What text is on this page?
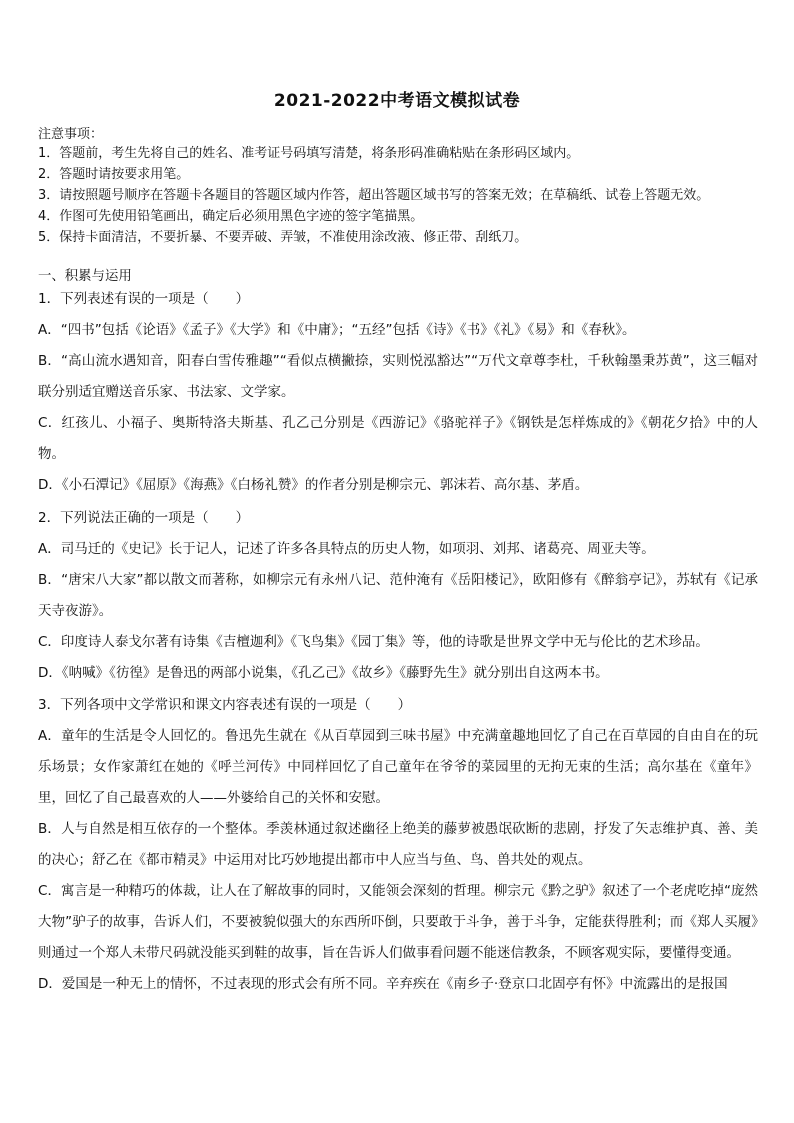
2021-2022中考语文模拟试卷
注意事项：
1．答题前，考生先将自己的姓名、准考证号码填写清楚，将条形码准确粘贴在条形码区域内。
2．答题时请按要求用笔。
3．请按照题号顺序在答题卡各题目的答题区域内作答，超出答题区域书写的答案无效；在草稿纸、试卷上答题无效。
4．作图可先使用铅笔画出，确定后必须用黑色字迹的签字笔描黑。
5．保持卡面清洁，不要折暴、不要弄破、弄皱，不准使用涂改液、修正带、刮纸刀。
一、积累与运用
1．下列表述有误的一项是（　　）
A．“四书”包括《论语》《孟子》《大学》和《中庸》；“五经”包括《诗》《书》《礼》《易》和《春秋》。
B．“高山流水遇知音，阳春白雪传雅趣”“看似点横撇捺，实则悦泓豁达”“万代文章尊李杜，千秋翰墨秉苏黄”，这三幅对联分别适宜赠送音乐家、书法家、文学家。
C．红孩儿、小福子、奥斯特洛夫斯基、孔乙己分别是《西游记》《骆驼祥子》《钢铁是怎样炼成的》《朝花夕拾》中的人物。
D．《小石潭记》《屈原》《海燕》《白杨礼赞》的作者分别是柳宗元、郭沫若、高尔基、茅盾。
2．下列说法正确的一项是（　　）
A．司马迁的《史记》长于记人，记述了许多各具特点的历史人物，如项羽、刘邦、诸葛亮、周亚夫等。
B．“唐宋八大家”都以散文而著称，如柳宗元有永州八记、范仲淹有《岳阳楼记》，欧阳修有《醉翁亭记》，苏轼有《记承天寺夜游》。
C．印度诗人泰戈尔著有诗集《吉檀迦利》《飞鸟集》《园丁集》等，他的诗歌是世界文学中无与伦比的艺术珍品。
D．《呐喊》《彷徨》是鲁迅的两部小说集，《孔乙己》《故乡》《藤野先生》就分别出自这两本书。
3．下列各项中文学常识和课文内容表述有误的一项是（　　）
A．童年的生活是令人回忆的。鲁迅先生就在《从百草园到三味书屋》中充满童趣地回忆了自己在百草园的自由自在的玩乐场景；女作家萧红在她的《呼兰河传》中同样回忆了自己童年在爷爷的菜园里的无拘无束的生活；高尔基在《童年》里，回忆了自己最喜欢的人——外婆给自己的关怀和安慰。
B．人与自然是相互依存的一个整体。季羡林通过叙述幽径上绝美的藤萝被愚氓砍断的悲剧，抒发了矢志维护真、善、美的决心；舒乙在《都市精灵》中运用对比巧妙地提出都市中人应当与鱼、鸟、兽共处的观点。
C．寓言是一种精巧的体裁，让人在了解故事的同时，又能领会深刻的哲理。柳宗元《黔之驴》叙述了一个老虎吃掉“庞然大物”驴子的故事，告诉人们，不要被貌似强大的东西所吓倒，只要敢于斗争，善于斗争，定能获得胜利；而《郑人买履》则通过一个郑人未带尺码就没能买到鞋的故事，旨在告诉人们做事看问题不能迷信教条，不顾客观实际，要懂得变通。
D．爱国是一种无上的情怀，不过表现的形式会有所不同。辛弃疾在《南乡子·登京口北固亭有怀》中流露出的是报国
